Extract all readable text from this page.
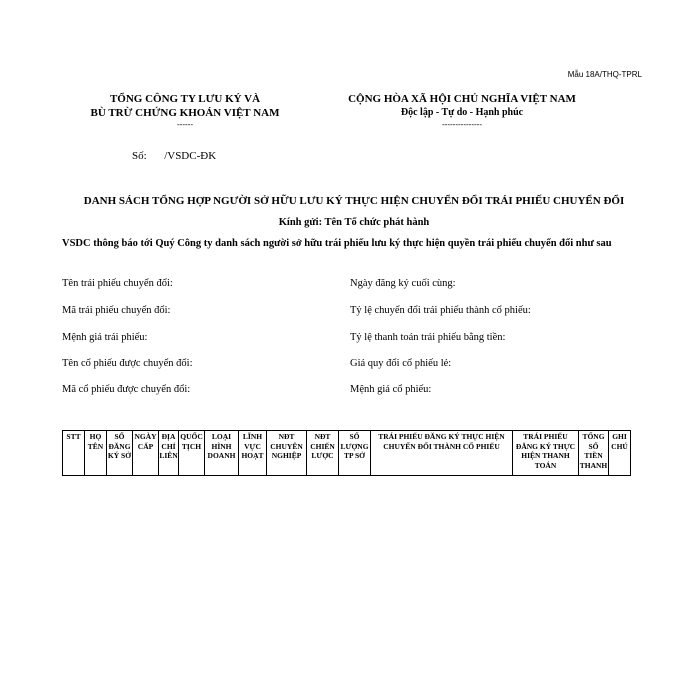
Mẫu 18A/THQ-TPRL
TỔNG CÔNG TY LƯU KÝ VÀ
BÙ TRỪ CHỨNG KHOÁN VIỆT NAM
------
CỘNG HÒA XÃ HỘI CHỦ NGHĨA VIỆT NAM
Độc lập - Tự do - Hạnh phúc
---------------
Số: /VSDC-ĐK
DANH SÁCH TỔNG HỢP NGƯỜI SỞ HỮU LƯU KÝ THỰC HIỆN CHUYỂN ĐỔI TRÁI PHIẾU CHUYỂN ĐỔI
Kính gửi: Tên Tổ chức phát hành
VSDC thông báo tới Quý Công ty danh sách người sở hữu trái phiếu lưu ký thực hiện quyền trái phiếu chuyển đổi như sau
Tên trái phiếu chuyển đổi:
Mã trái phiếu chuyển đổi:
Mệnh giá trái phiếu:
Tên cổ phiếu được chuyển đổi:
Mã cổ phiếu được chuyển đổi:
Ngày đăng ký cuối cùng:
Tỷ lệ chuyển đổi trái phiếu thành cổ phiếu:
Tỷ lệ thanh toán trái phiếu bằng tiền:
Giá quy đổi cổ phiếu lẻ:
Mệnh giá cổ phiếu:
STT	HỌ TÊN	SỐ ĐĂNG KÝ SỞ	NGÀY CẤP	ĐỊA CHỈ LIÊN	QUỐC TỊCH	LOẠI HÌNH DOANH	LĨNH VỰC HOẠT	NĐT CHUYÊN NGHIỆP	NĐT CHIẾN LƯỢC	SỐ LƯỢNG TP SỞ	TRÁI PHIẾU ĐĂNG KÝ THỰC HIỆN CHUYỂN ĐỔI THÀNH CỔ PHIẾU	TRÁI PHIẾU ĐĂNG KÝ THỰC HIỆN THANH TOÁN	TỔNG SỐ TIỀN THANH	GHI CHÚ
